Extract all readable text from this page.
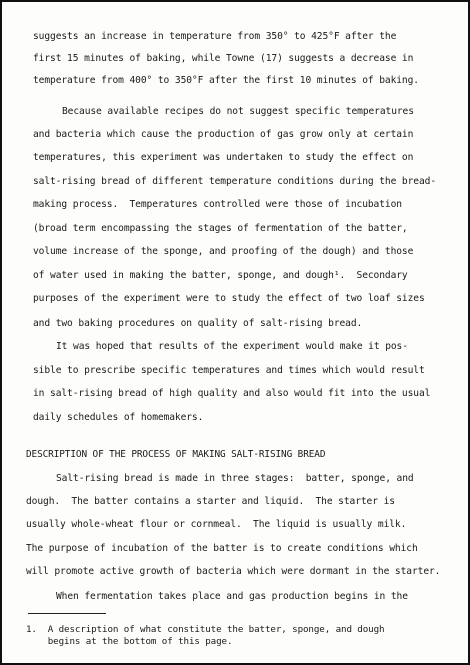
suggests an increase in temperature from 350° to 425°F after the

first 15 minutes of baking, while Towne (17) suggests a decrease in

temperature from 400° to 350°F after the first 10 minutes of baking.

Because available recipes do not suggest specific temperatures

and bacteria which cause the production of gas grow only at certain

temperatures, this experiment was undertaken to study the effect on

salt-rising bread of different temperature conditions during the bread-

making process.  Temperatures controlled were those of incubation

(broad term encompassing the stages of fermentation of the batter,

volume increase of the sponge, and proofing of the dough) and those

of water used in making the batter, sponge, and dough¹.  Secondary

purposes of the experiment were to study the effect of two loaf sizes

and two baking procedures on quality of salt-rising bread.

It was hoped that results of the experiment would make it pos-

sible to prescribe specific temperatures and times which would result

in salt-rising bread of high quality and also would fit into the usual

daily schedules of homemakers.

DESCRIPTION OF THE PROCESS OF MAKING SALT-RISING BREAD

Salt-rising bread is made in three stages:  batter, sponge, and

dough.  The batter contains a starter and liquid.  The starter is

usually whole-wheat flour or cornmeal.  The liquid is usually milk.

The purpose of incubation of the batter is to create conditions which

will promote active growth of bacteria which were dormant in the starter.

When fermentation takes place and gas production begins in the

1.  A description of what constitute the batter, sponge, and dough

begins at the bottom of this page.
